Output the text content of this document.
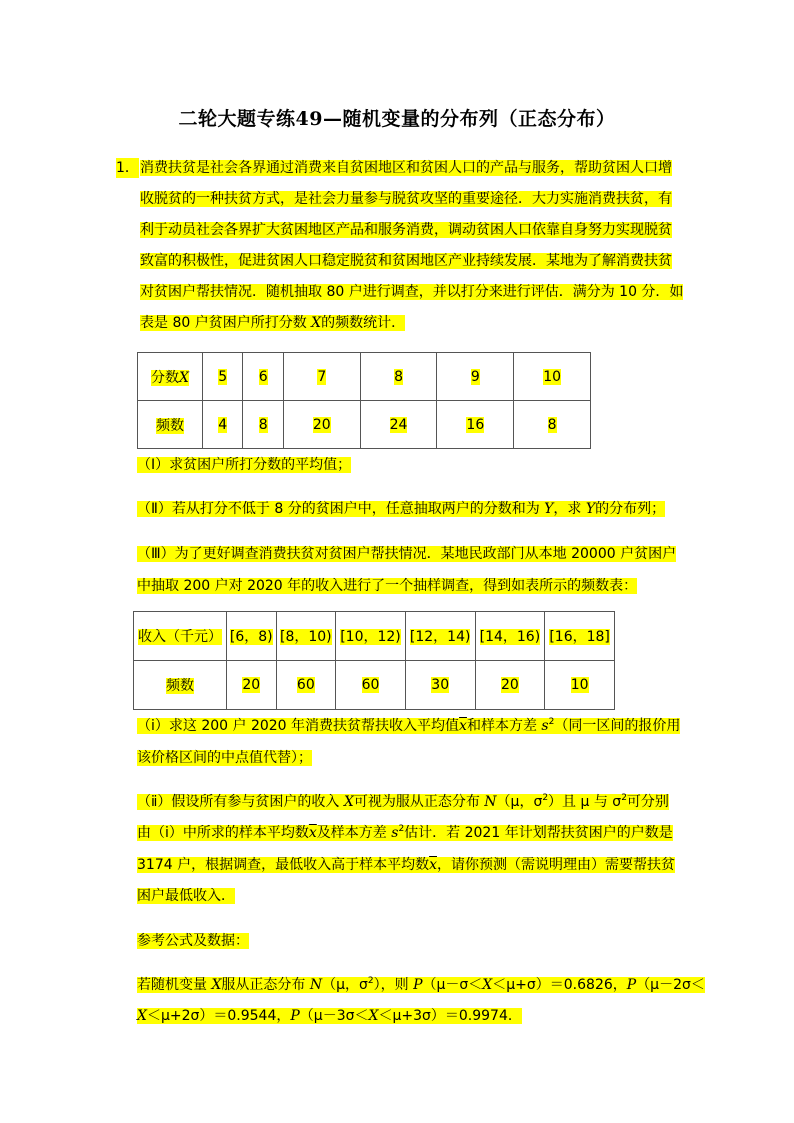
二轮大题专练49—随机变量的分布列（正态分布）
1． 消费扶贫是社会各界通过消费来自贫困地区和贫困人口的产品与服务，帮助贫困人口增
收脱贫的一种扶贫方式，是社会力量参与脱贫攻坚的重要途径．大力实施消费扶贫，有
利于动员社会各界扩大贫困地区产品和服务消费，调动贫困人口依靠自身努力实现脱贫
致富的积极性，促进贫困人口稳定脱贫和贫困地区产业持续发展．某地为了解消费扶贫
对贫困户帮扶情况．随机抽取 80 户进行调查，并以打分来进行评估．满分为 10 分．如
表是 80 户贫困户所打分数 X的频数统计．
分数X	5	6	7	8	9	10
频数	4	8	20	24	16	8
（Ⅰ）求贫困户所打分数的平均值；
（Ⅱ）若从打分不低于 8 分的贫困户中，任意抽取两户的分数和为 Y，求 Y的分布列；
（Ⅲ）为了更好调查消费扶贫对贫困户帮扶情况．某地民政部门从本地 20000 户贫困户
中抽取 200 户对 2020 年的收入进行了一个抽样调查，得到如表所示的频数表：
收入（千元）	[6，8)	[8，10)	[10，12)	[12，14)	[14，16)	[16，18]
频数	20	60	60	30	20	10
（ⅰ）求这 200 户 2020 年消费扶贫帮扶收入平均值$\overline{x}$和样本方差 $s^2$（同一区间的报价用
该价格区间的中点值代替）；
（ⅱ）假设所有参与贫困户的收入 X可视为服从正态分布 N（μ，$\sigma^2$）且 μ 与 $\sigma^2$可分别
由（ⅰ）中所求的样本平均数$\overline{x}$及样本方差 $s^2$估计．若 2021 年计划帮扶贫困户的户数是
3174 户，根据调查，最低收入高于样本平均数$\overline{x}$，请你预测（需说明理由）需要帮扶贫
困户最低收入．
参考公式及数据：
若随机变量 X服从正态分布 N（μ，$\sigma^2$），则 P（μ－σ＜X＜μ+σ）＝0.6826，P（μ－2σ＜
X＜μ+2σ）＝0.9544，P（μ－3σ＜X＜μ+3σ）＝0.9974．
